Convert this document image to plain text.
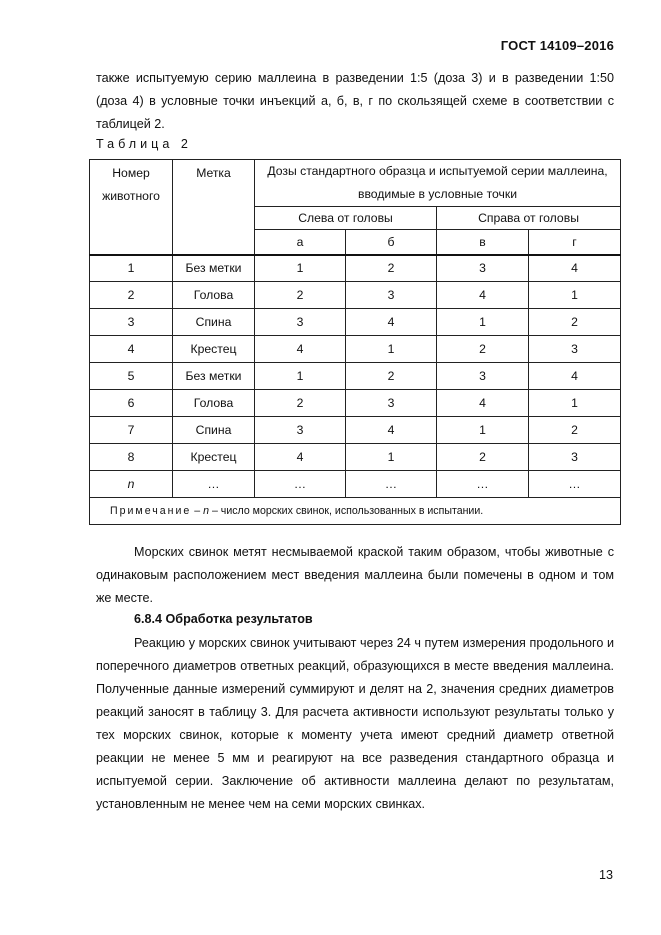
ГОСТ 14109–2016
также испытуемую серию маллеина в разведении 1:5 (доза 3) и в разведении 1:50 (доза 4) в условные точки инъекций а, б, в, г по скользящей схеме в соответствии с таблицей 2.
Таблица 2
Номер животного	Метка	Дозы стандартного образца и испытуемой серии маллеина, вводимые в условные точки			
		Слева от головы		Справа от головы	
		а	б	в	г
1	Без метки	1	2	3	4
2	Голова	2	3	4	1
3	Спина	3	4	1	2
4	Крестец	4	1	2	3
5	Без метки	1	2	3	4
6	Голова	2	3	4	1
7	Спина	3	4	1	2
8	Крестец	4	1	2	3
n	…	…	…	…	…
Примечание – n – число морских свинок, использованных в испытании.					
Морских свинок метят несмываемой краской таким образом, чтобы животные с одинаковым расположением мест введения маллеина были помечены в одном и том же месте.
6.8.4 Обработка результатов
Реакцию у морских свинок учитывают через 24 ч путем измерения продольного и поперечного диаметров ответных реакций, образующихся в месте введения маллеина. Полученные данные измерений суммируют и делят на 2, значения средних диаметров реакций заносят в таблицу 3. Для расчета активности используют результаты только у тех морских свинок, которые к моменту учета имеют средний диаметр ответной реакции не менее 5 мм и реагируют на все разведения стандартного образца и испытуемой серии. Заключение об активности маллеина делают по результатам, установленным не менее чем на семи морских свинках.
13
